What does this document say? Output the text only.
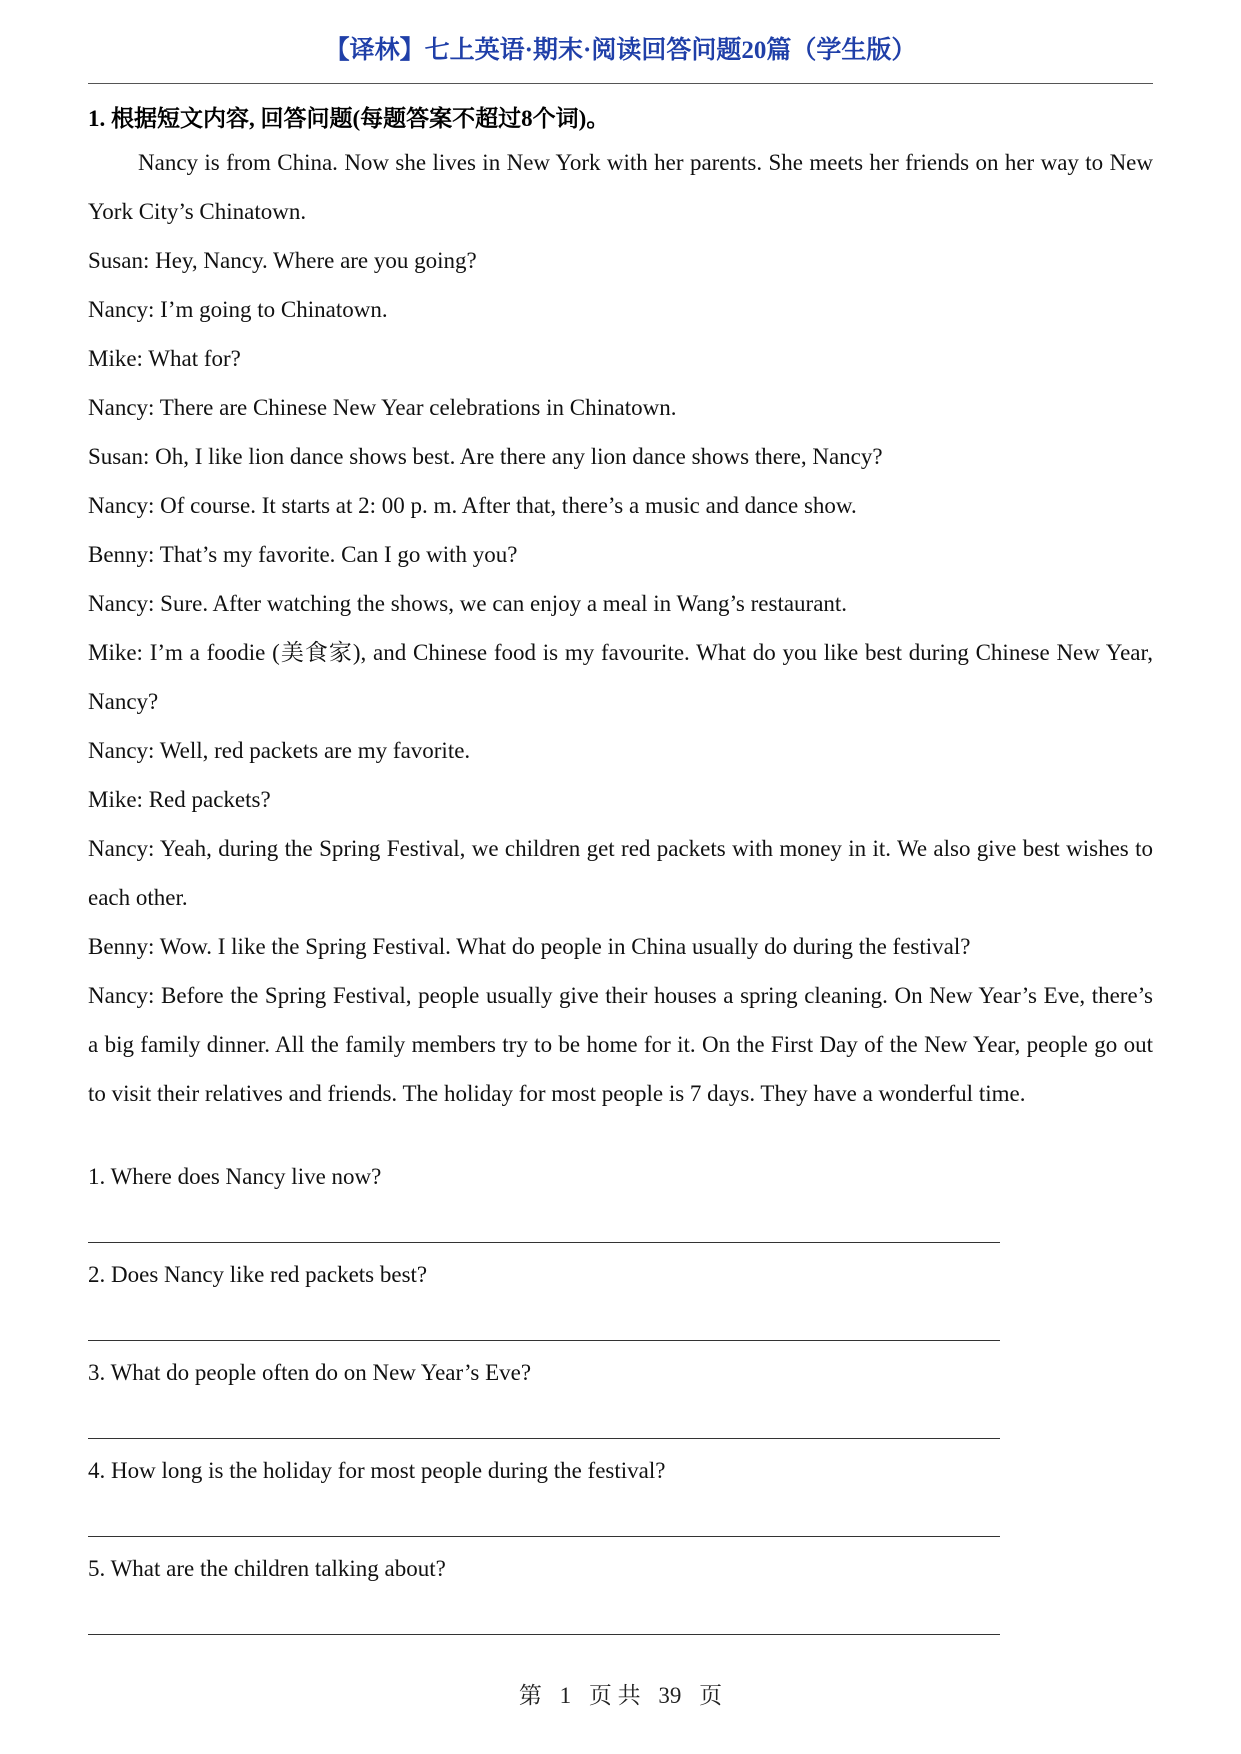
【译林】七上英语·期末·阅读回答问题20篇（学生版）
1. 根据短文内容, 回答问题(每题答案不超过8个词)。

Nancy is from China. Now she lives in New York with her parents. She meets her friends on her way to New York City’s Chinatown.

Susan: Hey, Nancy. Where are you going?

Nancy: I’m going to Chinatown.

Mike: What for?

Nancy: There are Chinese New Year celebrations in Chinatown.

Susan: Oh, I like lion dance shows best. Are there any lion dance shows there, Nancy?

Nancy: Of course. It starts at 2: 00 p. m. After that, there’s a music and dance show.

Benny: That’s my favorite. Can I go with you?

Nancy: Sure. After watching the shows, we can enjoy a meal in Wang’s restaurant.

Mike: I’m a foodie (美食家), and Chinese food is my favourite. What do you like best during Chinese New Year, Nancy?

Nancy: Well, red packets are my favorite.

Mike: Red packets?

Nancy: Yeah, during the Spring Festival, we children get red packets with money in it. We also give best wishes to each other.

Benny: Wow. I like the Spring Festival. What do people in China usually do during the festival?

Nancy: Before the Spring Festival, people usually give their houses a spring cleaning. On New Year’s Eve, there’s a big family dinner. All the family members try to be home for it. On the First Day of the New Year, people go out to visit their relatives and friends. The holiday for most people is 7 days. They have a wonderful time.

1. Where does Nancy live now?
2. Does Nancy like red packets best?
3. What do people often do on New Year’s Eve?
4. How long is the holiday for most people during the festival?
5. What are the children talking about?
第 1 页 共 39 页
